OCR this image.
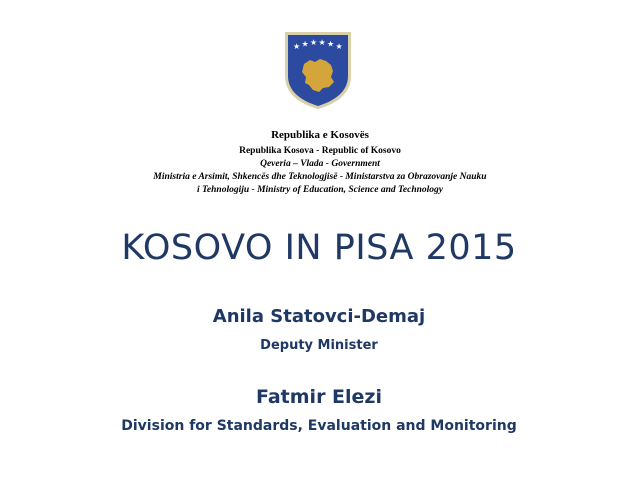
★ ★ ★ ★ ★ ★
Republika e Kosovës
Republika Kosova - Republic of Kosovo
Qeveria – Vlada - Government
Ministria e Arsimit, Shkencës dhe Teknologjisë - Ministarstva za Obrazovanje Nauku
i Tehnologiju - Ministry of Education, Science and Technology
KOSOVO IN PISA 2015
Anila Statovci-Demaj
Deputy Minister
Fatmir Elezi
Division for Standards, Evaluation and Monitoring
